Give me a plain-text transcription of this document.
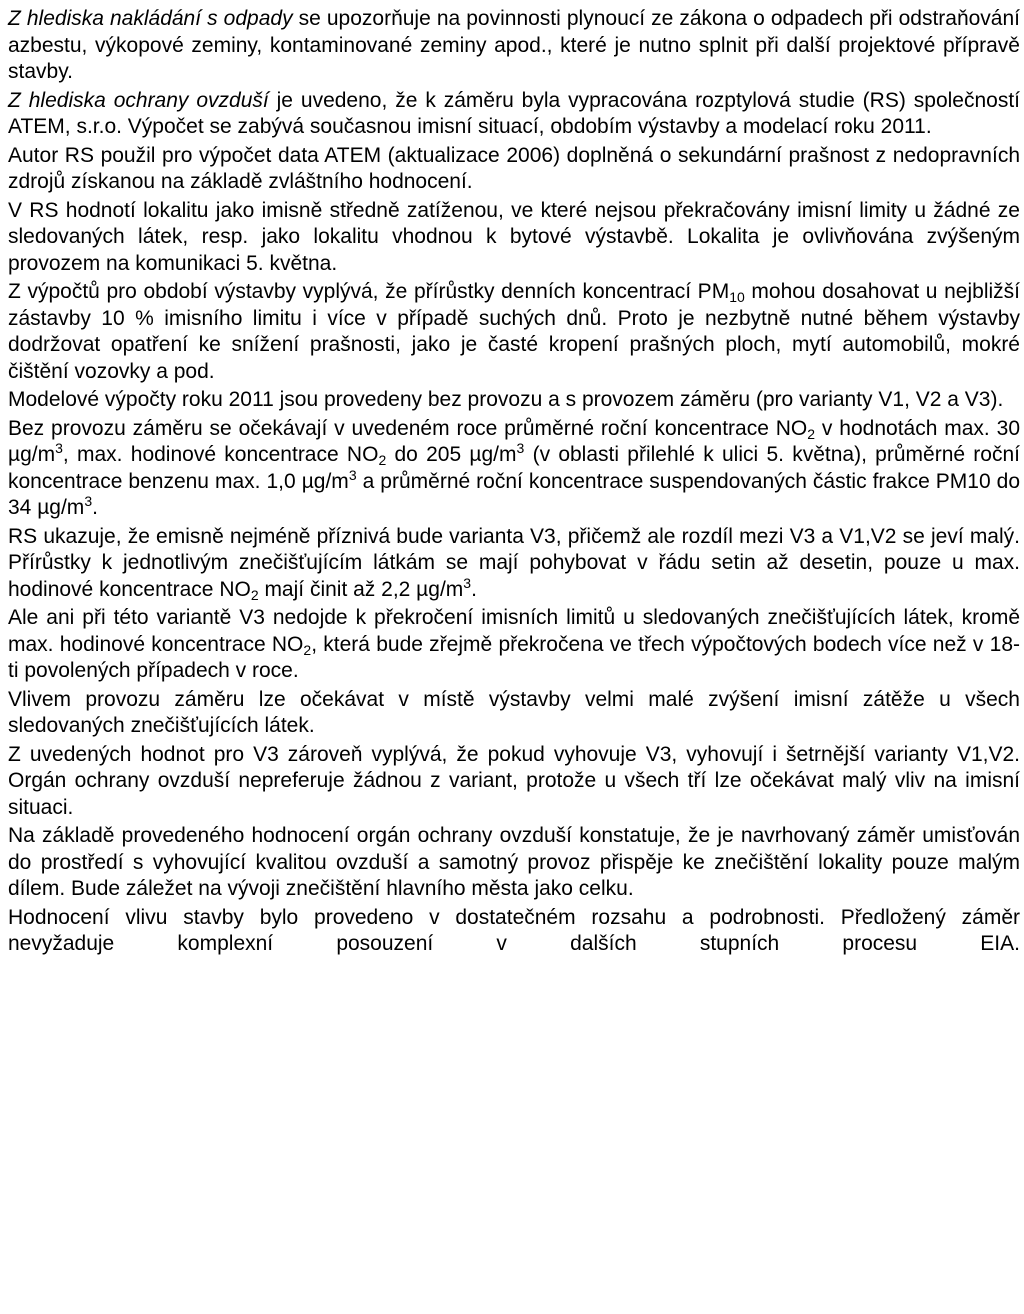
Z hlediska nakládání s odpady se upozorňuje na povinnosti plynoucí ze zákona o odpadech při odstraňování azbestu, výkopové zeminy, kontaminované zeminy apod., které je nutno splnit při další projektové přípravě stavby.

Z hlediska ochrany ovzduší je uvedeno, že k záměru byla vypracována rozptylová studie (RS) společností ATEM, s.r.o. Výpočet se zabývá současnou imisní situací, obdobím výstavby a modelací roku 2011.

Autor RS použil pro výpočet data ATEM (aktualizace 2006) doplněná o sekundární prašnost z nedopravních zdrojů získanou na základě zvláštního hodnocení.

V RS hodnotí lokalitu jako imisně středně zatíženou, ve které nejsou překračovány imisní limity u žádné ze sledovaných látek, resp. jako lokalitu vhodnou k bytové výstavbě. Lokalita je ovlivňována zvýšeným provozem na komunikaci 5. května.

Z výpočtů pro období výstavby vyplývá, že přírůstky denních koncentrací $PM_{10}$ mohou dosahovat u nejbližší zástavby 10 % imisního limitu i více v případě suchých dnů. Proto je nezbytně nutné během výstavby dodržovat opatření ke snížení prašnosti, jako je časté kropení prašných ploch, mytí automobilů, mokré čištění vozovky a pod.

Modelové výpočty roku 2011 jsou provedeny bez provozu a s provozem záměru (pro varianty V1, V2 a V3).

Bez provozu záměru se očekávají v uvedeném roce průměrné roční koncentrace $NO_2$ v hodnotách max. 30 $\mu g/m^3$, max. hodinové koncentrace $NO_2$ do 205 $\mu g/m^3$ (v oblasti přilehlé k ulici 5. května), průměrné roční koncentrace benzenu max. 1,0 $\mu g/m^3$ a průměrné roční koncentrace suspendovaných částic frakce PM10 do 34 $\mu g/m^3$.

RS ukazuje, že emisně nejméně příznivá bude varianta V3, přičemž ale rozdíl mezi V3 a V1,V2 se jeví malý. Přírůstky k jednotlivým znečišťujícím látkám se mají pohybovat v řádu setin až desetin, pouze u max. hodinové koncentrace $NO_2$ mají činit až 2,2 $\mu g/m^3$.

Ale ani při této variantě V3 nedojde k překročení imisních limitů u sledovaných znečišťujících látek, kromě max. hodinové koncentrace $NO_2$, která bude zřejmě překročena ve třech výpočtových bodech více než v 18-ti povolených případech v roce.

Vlivem provozu záměru lze očekávat v místě výstavby velmi malé zvýšení imisní zátěže u všech sledovaných znečišťujících látek.

Z uvedených hodnot pro V3 zároveň vyplývá, že pokud vyhovuje V3, vyhovují i šetrnější varianty V1,V2. Orgán ochrany ovzduší nepreferuje žádnou z variant, protože u všech tří lze očekávat malý vliv na imisní situaci.

Na základě provedeného hodnocení orgán ochrany ovzduší konstatuje, že je navrhovaný záměr umisťován do prostředí s vyhovující kvalitou ovzduší a samotný provoz přispěje ke znečištění lokality pouze malým dílem. Bude záležet na vývoji znečištění hlavního města jako celku.

Hodnocení vlivu stavby bylo provedeno v dostatečném rozsahu a podrobnosti. Předložený záměr nevyžaduje komplexní posouzení v dalších stupních procesu EIA.
